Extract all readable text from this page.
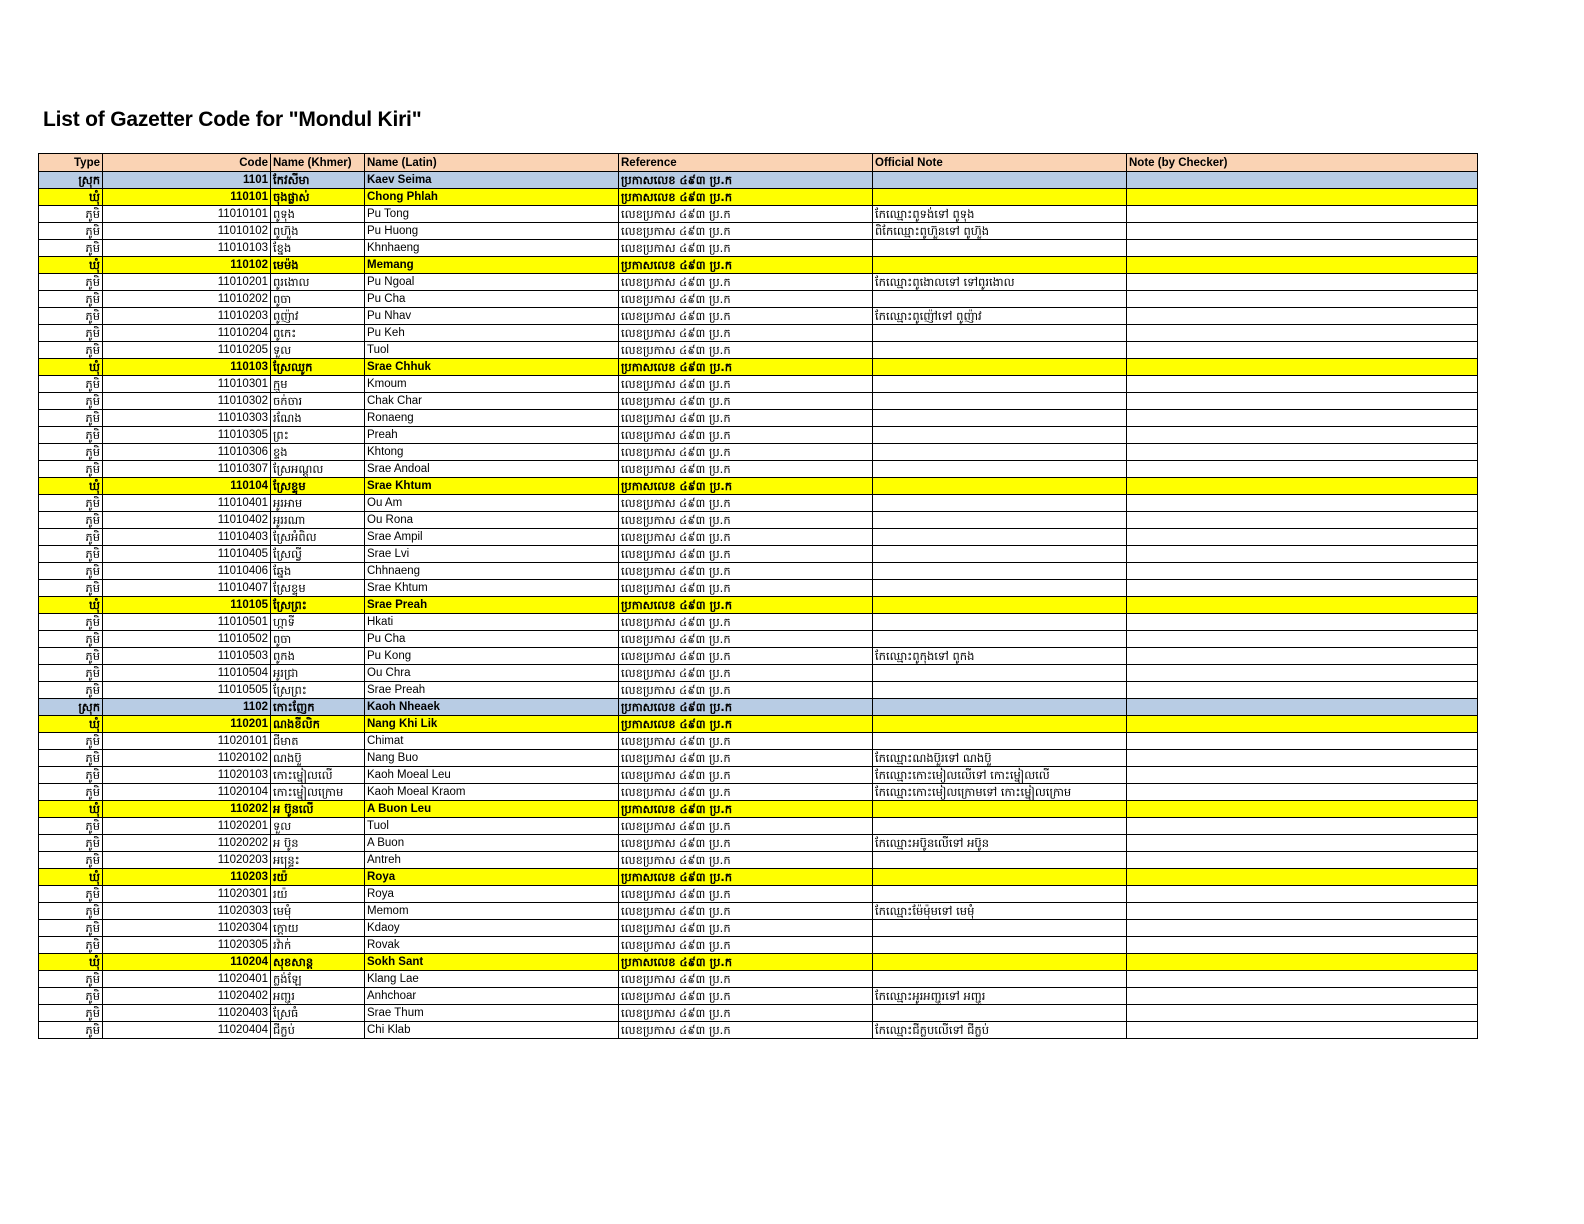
List of Gazetter Code for "Mondul Kiri"
Type	Code	Name (Khmer)	Name (Latin)	Reference	Official Note	Note (by Checker)
ស្រុក	1101	កែវសីមា	Kaev Seima	ប្រកាសលេខ ៤៩៣ ប្រ.ក		
ឃុំ	110101	ចុងផ្លាស់	Chong Phlah	ប្រកាសលេខ ៤៩៣ ប្រ.ក		
ភូមិ	11010101	ពូទុង	Pu Tong	លេខប្រកាស ៤៩៣ ប្រ.ក	កែឈ្មោះពូទង់ទៅ ពូទុង	
ភូមិ	11010102	ពូហ៊ួង	Pu Huong	លេខប្រកាស ៤៩៣ ប្រ.ក	ពិកែឈ្មោះពូហ៊ួនទៅ ពូហ៊ួង	
ភូមិ	11010103	ខ្នែង	Khnhaeng	លេខប្រកាស ៤៩៣ ប្រ.ក		
ឃុំ	110102	មេម៉ង	Memang	ប្រកាសលេខ ៤៩៣ ប្រ.ក		
ភូមិ	11010201	ពូរងោល	Pu Ngoal	លេខប្រកាស ៤៩៣ ប្រ.ក	កែឈ្មោះពូងោលទៅ ទៅពូរងោល	
ភូមិ	11010202	ពូចា	Pu Cha	លេខប្រកាស ៤៩៣ ប្រ.ក		
ភូមិ	11010203	ពូញ៉ាវ	Pu Nhav	លេខប្រកាស ៤៩៣ ប្រ.ក	កែឈ្មោះពូញ៉ៅទៅ ពូញ៉ាវ	
ភូមិ	11010204	ពូកេះ	Pu Keh	លេខប្រកាស ៤៩៣ ប្រ.ក		
ភូមិ	11010205	ទួល	Tuol	លេខប្រកាស ៤៩៣ ប្រ.ក		
ឃុំ	110103	ស្រែឈូក	Srae Chhuk	ប្រកាសលេខ ៤៩៣ ប្រ.ក		
ភូមិ	11010301	ក្មួម	Kmoum	លេខប្រកាស ៤៩៣ ប្រ.ក		
ភូមិ	11010302	ចក់ចារ	Chak Char	លេខប្រកាស ៤៩៣ ប្រ.ក		
ភូមិ	11010303	រណែង	Ronaeng	លេខប្រកាស ៤៩៣ ប្រ.ក		
ភូមិ	11010305	ព្រះ	Preah	លេខប្រកាស ៤៩៣ ប្រ.ក		
ភូមិ	11010306	ខ្ទង	Khtong	លេខប្រកាស ៤៩៣ ប្រ.ក		
ភូមិ	11010307	ស្រែអណ្ដូល	Srae Andoal	លេខប្រកាស ៤៩៣ ប្រ.ក		
ឃុំ	110104	ស្រែខ្ទុម	Srae Khtum	ប្រកាសលេខ ៤៩៣ ប្រ.ក		
ភូមិ	11010401	អូរអាម	Ou Am	លេខប្រកាស ៤៩៣ ប្រ.ក		
ភូមិ	11010402	អូររណា	Ou Rona	លេខប្រកាស ៤៩៣ ប្រ.ក		
ភូមិ	11010403	ស្រែអំពិល	Srae Ampil	លេខប្រកាស ៤៩៣ ប្រ.ក		
ភូមិ	11010405	ស្រែល្វី	Srae Lvi	លេខប្រកាស ៤៩៣ ប្រ.ក		
ភូមិ	11010406	ឆ្នែង	Chhnaeng	លេខប្រកាស ៤៩៣ ប្រ.ក		
ភូមិ	11010407	ស្រែខ្ទុម	Srae Khtum	លេខប្រកាស ៤៩៣ ប្រ.ក		
ឃុំ	110105	ស្រែព្រះ	Srae Preah	ប្រកាសលេខ ៤៩៣ ប្រ.ក		
ភូមិ	11010501	ហ្កាទី	Hkati	លេខប្រកាស ៤៩៣ ប្រ.ក		
ភូមិ	11010502	ពូចា	Pu Cha	លេខប្រកាស ៤៩៣ ប្រ.ក		
ភូមិ	11010503	ពូកង	Pu Kong	លេខប្រកាស ៤៩៣ ប្រ.ក	កែឈ្មោះពូកុងទៅ ពូកង	
ភូមិ	11010504	អូរជ្រា	Ou Chra	លេខប្រកាស ៤៩៣ ប្រ.ក		
ភូមិ	11010505	ស្រែព្រះ	Srae Preah	លេខប្រកាស ៤៩៣ ប្រ.ក		
ស្រុក	1102	កោះញែក	Kaoh Nheaek	ប្រកាសលេខ ៤៩៣ ប្រ.ក		
ឃុំ	110201	ណងខីលិក	Nang Khi Lik	ប្រកាសលេខ ៤៩៣ ប្រ.ក		
ភូមិ	11020101	ជីមាត	Chimat	លេខប្រកាស ៤៩៣ ប្រ.ក		
ភូមិ	11020102	ណងប៊ួ	Nang Buo	លេខប្រកាស ៤៩៣ ប្រ.ក	កែឈ្មោះណងប៊ួរទៅ ណងប៊ួ	
ភូមិ	11020103	កោះម្នៀលលើ	Kaoh Moeal Leu	លេខប្រកាស ៤៩៣ ប្រ.ក	កែឈ្មោះកោះមៀលលើទៅ កោះម្នៀលលើ	
ភូមិ	11020104	កោះម្នៀលក្រោម	Kaoh Moeal Kraom	លេខប្រកាស ៤៩៣ ប្រ.ក	កែឈ្មោះកោះមៀលក្រោមទៅ កោះម្នៀលក្រោម	
ឃុំ	110202	អ ប៊ូនលើ	A Buon Leu	ប្រកាសលេខ ៤៩៣ ប្រ.ក		
ភូមិ	11020201	ទួល	Tuol	លេខប្រកាស ៤៩៣ ប្រ.ក		
ភូមិ	11020202	អ ប៊ូន	A Buon	លេខប្រកាស ៤៩៣ ប្រ.ក	កែឈ្មោះអប៊ូនលើទៅ អប៊ូន	
ភូមិ	11020203	អន្ទ្រេះ	Antreh	លេខប្រកាស ៤៩៣ ប្រ.ក		
ឃុំ	110203	រយ៉	Roya	ប្រកាសលេខ ៤៩៣ ប្រ.ក		
ភូមិ	11020301	រយ៉	Roya	លេខប្រកាស ៤៩៣ ប្រ.ក		
ភូមិ	11020303	មេមុំ	Memom	លេខប្រកាស ៤៩៣ ប្រ.ក	កែឈ្មោះម៉ែម៉ុមទៅ មេមុំ	
ភូមិ	11020304	ក្ដោយ	Kdaoy	លេខប្រកាស ៤៩៣ ប្រ.ក		
ភូមិ	11020305	រវ៉ាក់	Rovak	លេខប្រកាស ៤៩៣ ប្រ.ក		
ឃុំ	110204	សុខសាន្ត	Sokh Sant	ប្រកាសលេខ ៤៩៣ ប្រ.ក		
ភូមិ	11020401	ក្លង់ឡែ	Klang Lae	លេខប្រកាស ៤៩៣ ប្រ.ក		
ភូមិ	11020402	អញ្ជួរ	Anhchoar	លេខប្រកាស ៤៩៣ ប្រ.ក	កែឈ្មោះអូរអញ្ជួរទៅ អញ្ជួរ	
ភូមិ	11020403	ស្រែធំ	Srae Thum	លេខប្រកាស ៤៩៣ ប្រ.ក		
ភូមិ	11020404	ជីក្លប់	Chi Klab	លេខប្រកាស ៤៩៣ ប្រ.ក	កែឈ្មោះជីក្លបលើទៅ ជីក្លប់	
